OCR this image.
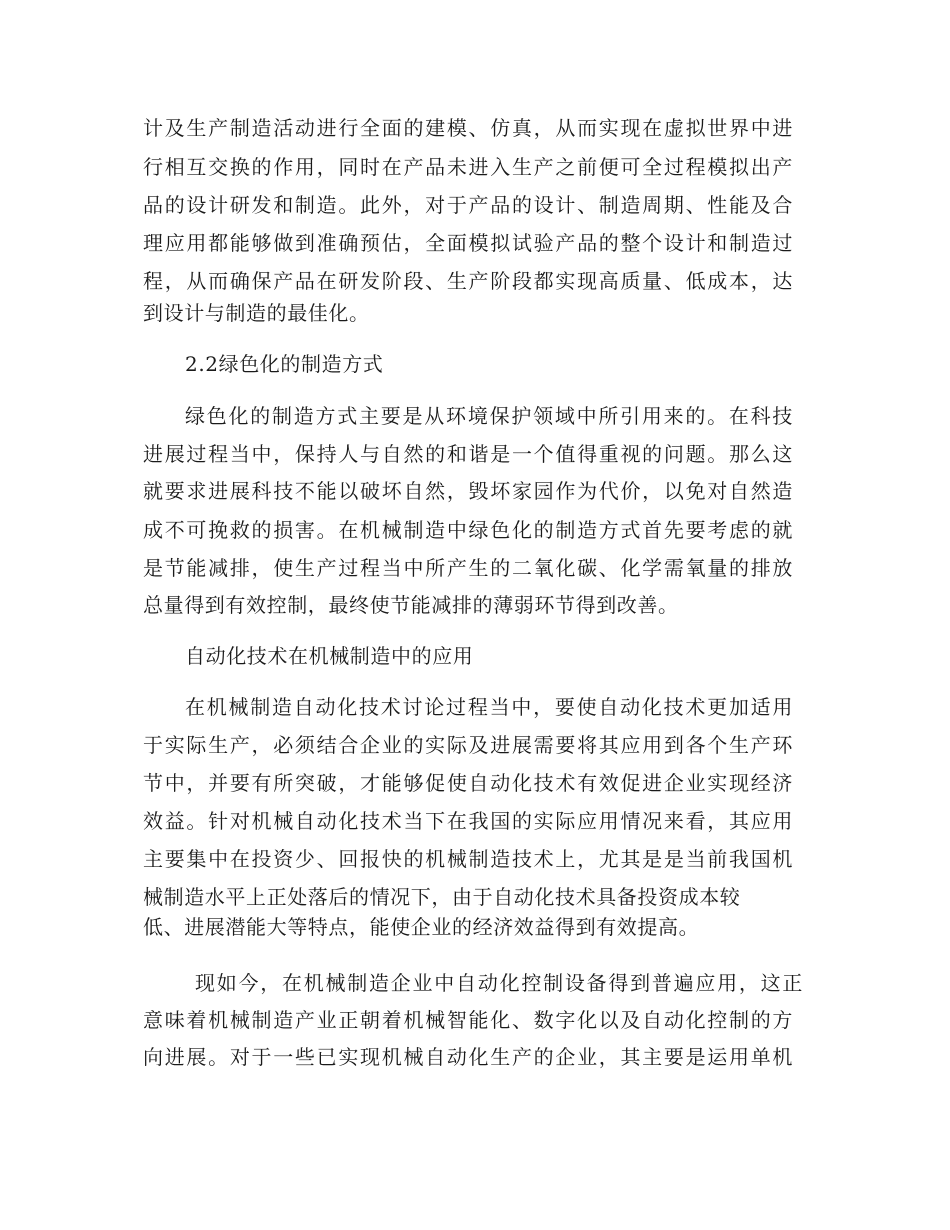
计及生产制造活动进行全面的建模、仿真，从而实现在虚拟世界中进
行相互交换的作用，同时在产品未进入生产之前便可全过程模拟出产
品的设计研发和制造。此外，对于产品的设计、制造周期、性能及合
理应用都能够做到准确预估，全面模拟试验产品的整个设计和制造过
程，从而确保产品在研发阶段、生产阶段都实现高质量、低成本，达
到设计与制造的最佳化。
2.2绿色化的制造方式
绿色化的制造方式主要是从环境保护领域中所引用来的。在科技
进展过程当中，保持人与自然的和谐是一个值得重视的问题。那么这
就要求进展科技不能以破坏自然，毁坏家园作为代价，以免对自然造
成不可挽救的损害。在机械制造中绿色化的制造方式首先要考虑的就
是节能减排，使生产过程当中所产生的二氧化碳、化学需氧量的排放
总量得到有效控制，最终使节能减排的薄弱环节得到改善。
自动化技术在机械制造中的应用
在机械制造自动化技术讨论过程当中，要使自动化技术更加适用
于实际生产，必须结合企业的实际及进展需要将其应用到各个生产环
节中，并要有所突破，才能够促使自动化技术有效促进企业实现经济
效益。针对机械自动化技术当下在我国的实际应用情况来看，其应用
主要集中在投资少、回报快的机械制造技术上，尤其是是当前我国机
械制造水平上正处落后的情况下，由于自动化技术具备投资成本较
低、进展潜能大等特点，能使企业的经济效益得到有效提高。
现如今，在机械制造企业中自动化控制设备得到普遍应用，这正
意味着机械制造产业正朝着机械智能化、数字化以及自动化控制的方
向进展。对于一些已实现机械自动化生产的企业，其主要是运用单机
